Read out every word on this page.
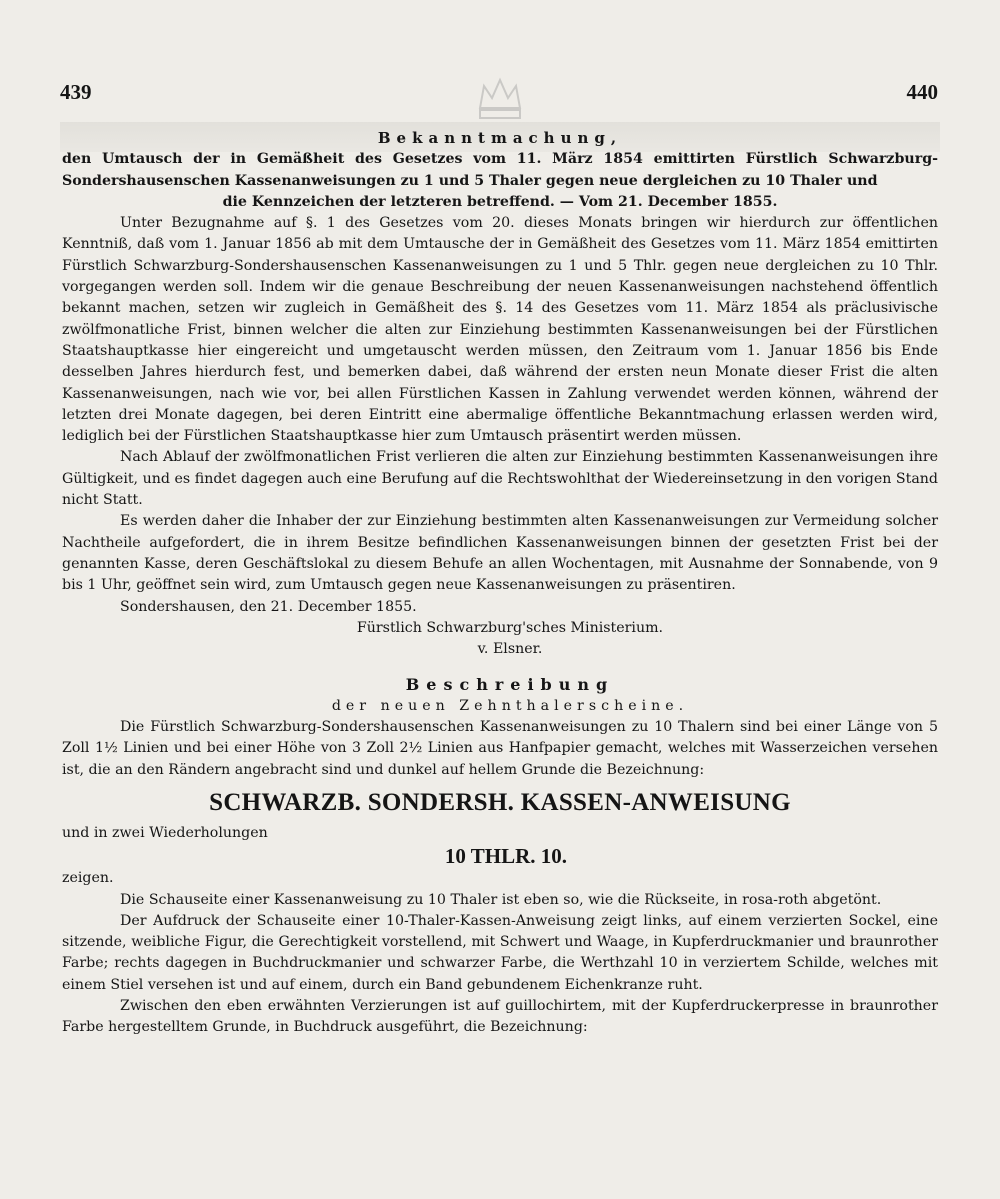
439	440

Bekanntmachung,

den Umtausch der in Gemäßheit des Gesetzes vom 11. März 1854 emittirten Fürstlich Schwarzburg-Sondershausenschen Kassenanweisungen zu 1 und 5 Thaler gegen neue dergleichen zu 10 Thaler und
die Kennzeichen der letzteren betreffend. — Vom 21. December 1855.

Unter Bezugnahme auf §. 1 des Gesetzes vom 20. dieses Monats bringen wir hierdurch zur öffentlichen Kenntniß, daß vom 1. Januar 1856 ab mit dem Umtausche der in Gemäßheit des Gesetzes vom 11. März 1854 emittirten Fürstlich Schwarzburg-Sondershausenschen Kassenanweisungen zu 1 und 5 Thlr. gegen neue dergleichen zu 10 Thlr. vorgegangen werden soll. Indem wir die genaue Beschreibung der neuen Kassenanweisungen nachstehend öffentlich bekannt machen, setzen wir zugleich in Gemäßheit des §. 14 des Gesetzes vom 11. März 1854 als präclusivische zwölfmonatliche Frist, binnen welcher die alten zur Einziehung bestimmten Kassenanweisungen bei der Fürstlichen Staatshauptkasse hier eingereicht und umgetauscht werden müssen, den Zeitraum vom 1. Januar 1856 bis Ende desselben Jahres hierdurch fest, und bemerken dabei, daß während der ersten neun Monate dieser Frist die alten Kassenanweisungen, nach wie vor, bei allen Fürstlichen Kassen in Zahlung verwendet werden können, während der letzten drei Monate dagegen, bei deren Eintritt eine abermalige öffentliche Bekanntmachung erlassen werden wird, lediglich bei der Fürstlichen Staatshauptkasse hier zum Umtausch präsentirt werden müssen.

Nach Ablauf der zwölfmonatlichen Frist verlieren die alten zur Einziehung bestimmten Kassenanweisungen ihre Gültigkeit, und es findet dagegen auch eine Berufung auf die Rechtswohlthat der Wiedereinsetzung in den vorigen Stand nicht Statt.

Es werden daher die Inhaber der zur Einziehung bestimmten alten Kassenanweisungen zur Vermeidung solcher Nachtheile aufgefordert, die in ihrem Besitze befindlichen Kassenanweisungen binnen der gesetzten Frist bei der genannten Kasse, deren Geschäftslokal zu diesem Behufe an allen Wochentagen, mit Ausnahme der Sonnabende, von 9 bis 1 Uhr, geöffnet sein wird, zum Umtausch gegen neue Kassenanweisungen zu präsentiren.

Sondershausen, den 21. December 1855.

Fürstlich Schwarzburg'sches Ministerium.

v. Elsner.

Beschreibung

der neuen Zehnthalerscheine.

Die Fürstlich Schwarzburg-Sondershausenschen Kassenanweisungen zu 10 Thalern sind bei einer Länge von 5 Zoll 1½ Linien und bei einer Höhe von 3 Zoll 2½ Linien aus Hanfpapier gemacht, welches mit Wasserzeichen versehen ist, die an den Rändern angebracht sind und dunkel auf hellem Grunde die Bezeichnung:

SCHWARZB. SONDERSH. KASSEN-ANWEISUNG

und in zwei Wiederholungen

10 THLR. 10.

zeigen.

Die Schauseite einer Kassenanweisung zu 10 Thaler ist eben so, wie die Rückseite, in rosa-roth abgetönt.

Der Aufdruck der Schauseite einer 10-Thaler-Kassen-Anweisung zeigt links, auf einem verzierten Sockel, eine sitzende, weibliche Figur, die Gerechtigkeit vorstellend, mit Schwert und Waage, in Kupferdruckmanier und braunrother Farbe; rechts dagegen in Buchdruckmanier und schwarzer Farbe, die Werthzahl 10 in verziertem Schilde, welches mit einem Stiel versehen ist und auf einem, durch ein Band gebundenem Eichenkranze ruht.

Zwischen den eben erwähnten Verzierungen ist auf guillochirtem, mit der Kupferdruckerpresse in braunrother Farbe hergestelltem Grunde, in Buchdruck ausgeführt, die Bezeichnung:
